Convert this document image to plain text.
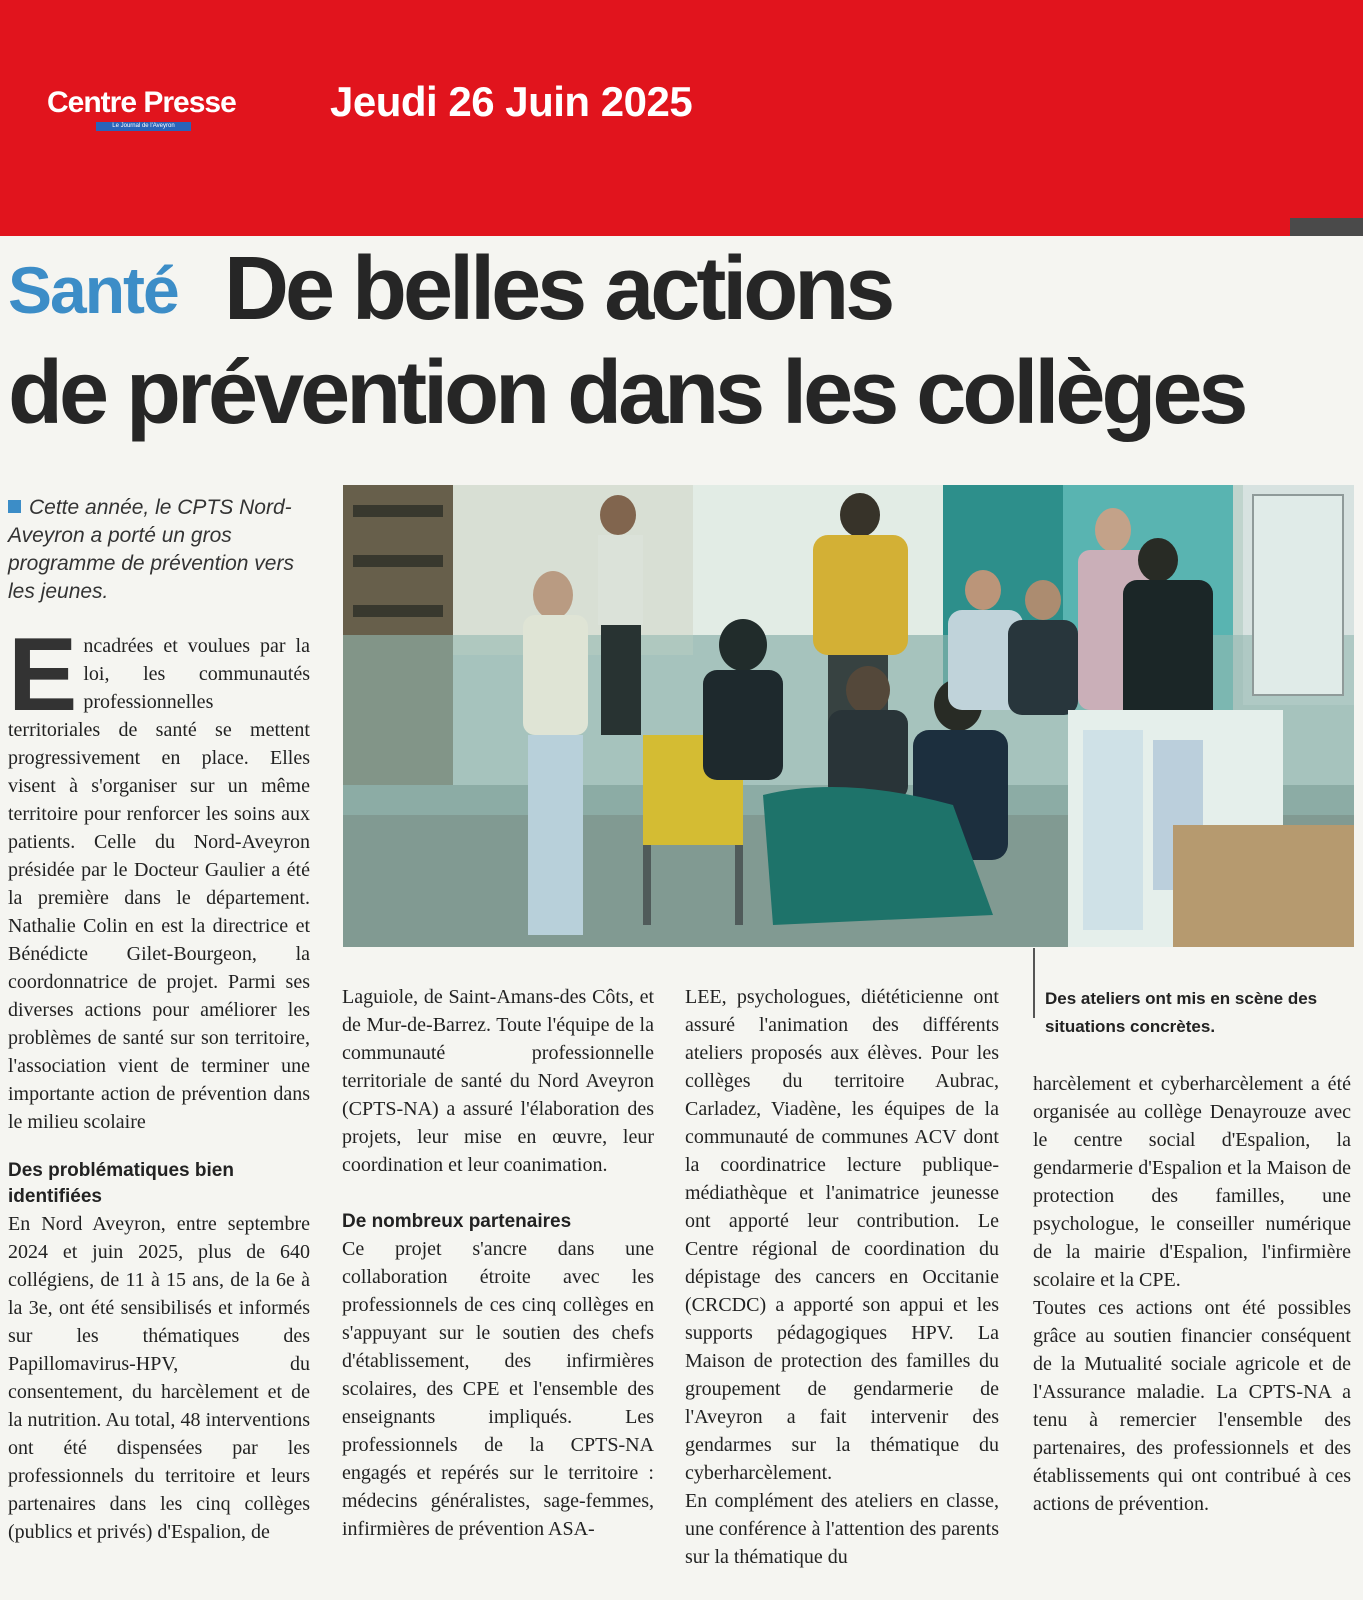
Centre Presse
Le Journal de l'Aveyron
Jeudi 26 Juin 2025
Santé De belles actions
de prévention dans les collèges
Cette année, le CPTS Nord-Aveyron a porté un gros programme de prévention vers les jeunes.
Encadrées et voulues par la loi, les communautés professionnelles territoriales de santé se mettent progressivement en place. Elles visent à s'organiser sur un même territoire pour renforcer les soins aux patients. Celle du Nord-Aveyron présidée par le Docteur Gaulier a été la première dans le département. Nathalie Colin en est la directrice et Bénédicte Gilet-Bourgeon, la coordonnatrice de projet. Parmi ses diverses actions pour améliorer les problèmes de santé sur son territoire, l'association vient de terminer une importante action de prévention dans le milieu scolaire
Des problématiques bien identifiées
En Nord Aveyron, entre septembre 2024 et juin 2025, plus de 640 collégiens, de 11 à 15 ans, de la 6e à la 3e, ont été sensibilisés et informés sur les thématiques des Papillomavirus-HPV, du consentement, du harcèlement et de la nutrition. Au total, 48 interventions ont été dispensées par les professionnels du territoire et leurs partenaires dans les cinq collèges (publics et privés) d'Espalion, de
Des ateliers ont mis en scène des situations concrètes.
Laguiole, de Saint-Amans-des Côts, et de Mur-de-Barrez. Toute l'équipe de la communauté professionnelle territoriale de santé du Nord Aveyron (CPTS-NA) a assuré l'élaboration des projets, leur mise en œuvre, leur coordination et leur coanimation.
De nombreux partenaires
Ce projet s'ancre dans une collaboration étroite avec les professionnels de ces cinq collèges en s'appuyant sur le soutien des chefs d'établissement, des infirmières scolaires, des CPE et l'ensemble des enseignants impliqués. Les professionnels de la CPTS-NA engagés et repérés sur le territoire : médecins généralistes, sage-femmes, infirmières de prévention ASA-
LEE, psychologues, diététicienne ont assuré l'animation des différents ateliers proposés aux élèves. Pour les collèges du territoire Aubrac, Carladez, Viadène, les équipes de la communauté de communes ACV dont la coordinatrice lecture publique-médiathèque et l'animatrice jeunesse ont apporté leur contribution. Le Centre régional de coordination du dépistage des cancers en Occitanie (CRCDC) a apporté son appui et les supports pédagogiques HPV. La Maison de protection des familles du groupement de gendarmerie de l'Aveyron a fait intervenir des gendarmes sur la thématique du cyberharcèlement.
En complément des ateliers en classe, une conférence à l'attention des parents sur la thématique du
harcèlement et cyberharcèlement a été organisée au collège Denayrouze avec le centre social d'Espalion, la gendarmerie d'Espalion et la Maison de protection des familles, une psychologue, le conseiller numérique de la mairie d'Espalion, l'infirmière scolaire et la CPE.
Toutes ces actions ont été possibles grâce au soutien financier conséquent de la Mutualité sociale agricole et de l'Assurance maladie. La CPTS-NA a tenu à remercier l'ensemble des partenaires, des professionnels et des établissements qui ont contribué à ces actions de prévention.
